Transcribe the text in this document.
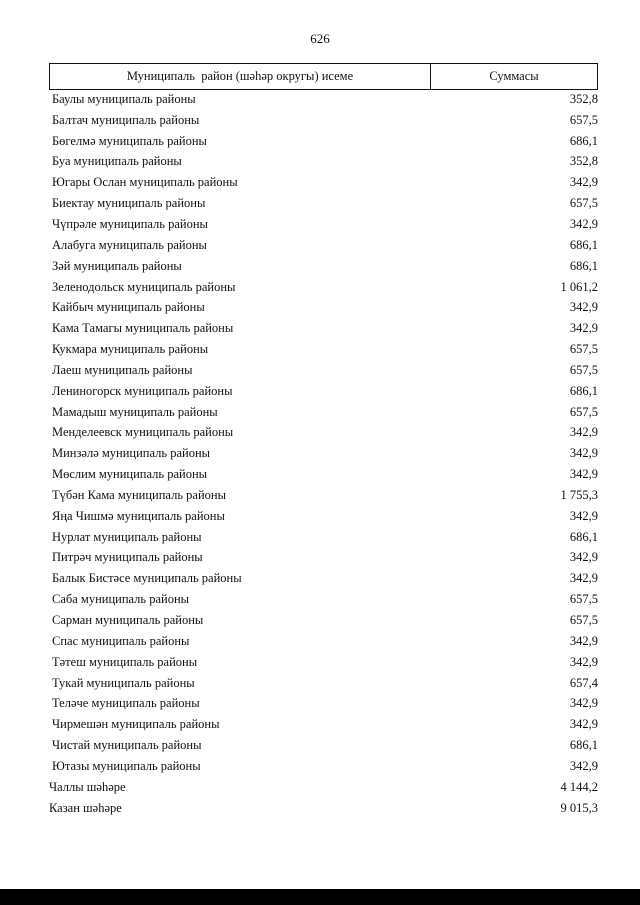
626
Муниципаль  район (шәһәр округы) исеме	Суммасы
Баулы муниципаль районы	352,8
Балтач муниципаль районы	657,5
Бөгелмә муниципаль районы	686,1
Буа муниципаль районы	352,8
Югары Ослан муниципаль районы	342,9
Биектау муниципаль районы	657,5
Чүпрәле муниципаль районы	342,9
Алабуга муниципаль районы	686,1
Зәй муниципаль районы	686,1
Зеленодольск муниципаль районы	1 061,2
Кайбыч муниципаль районы	342,9
Кама Тамагы муниципаль районы	342,9
Кукмара муниципаль районы	657,5
Лаеш муниципаль районы	657,5
Лениногорск муниципаль районы	686,1
Мамадыш муниципаль районы	657,5
Менделеевск муниципаль районы	342,9
Минзәлә муниципаль районы	342,9
Мөслим муниципаль районы	342,9
Түбән Кама муниципаль районы	1 755,3
Яңа Чишмә муниципаль районы	342,9
Нурлат муниципаль районы	686,1
Питрәч муниципаль районы	342,9
Балык Бистәсе муниципаль районы	342,9
Саба муниципаль районы	657,5
Сарман муниципаль районы	657,5
Спас муниципаль районы	342,9
Тәтеш муниципаль районы	342,9
Тукай муниципаль районы	657,4
Теләче муниципаль районы	342,9
Чирмешән муниципаль районы	342,9
Чистай муниципаль районы	686,1
Ютазы муниципаль районы	342,9
Чаллы шәһәре	4 144,2
Казан шәһәре	9 015,3
